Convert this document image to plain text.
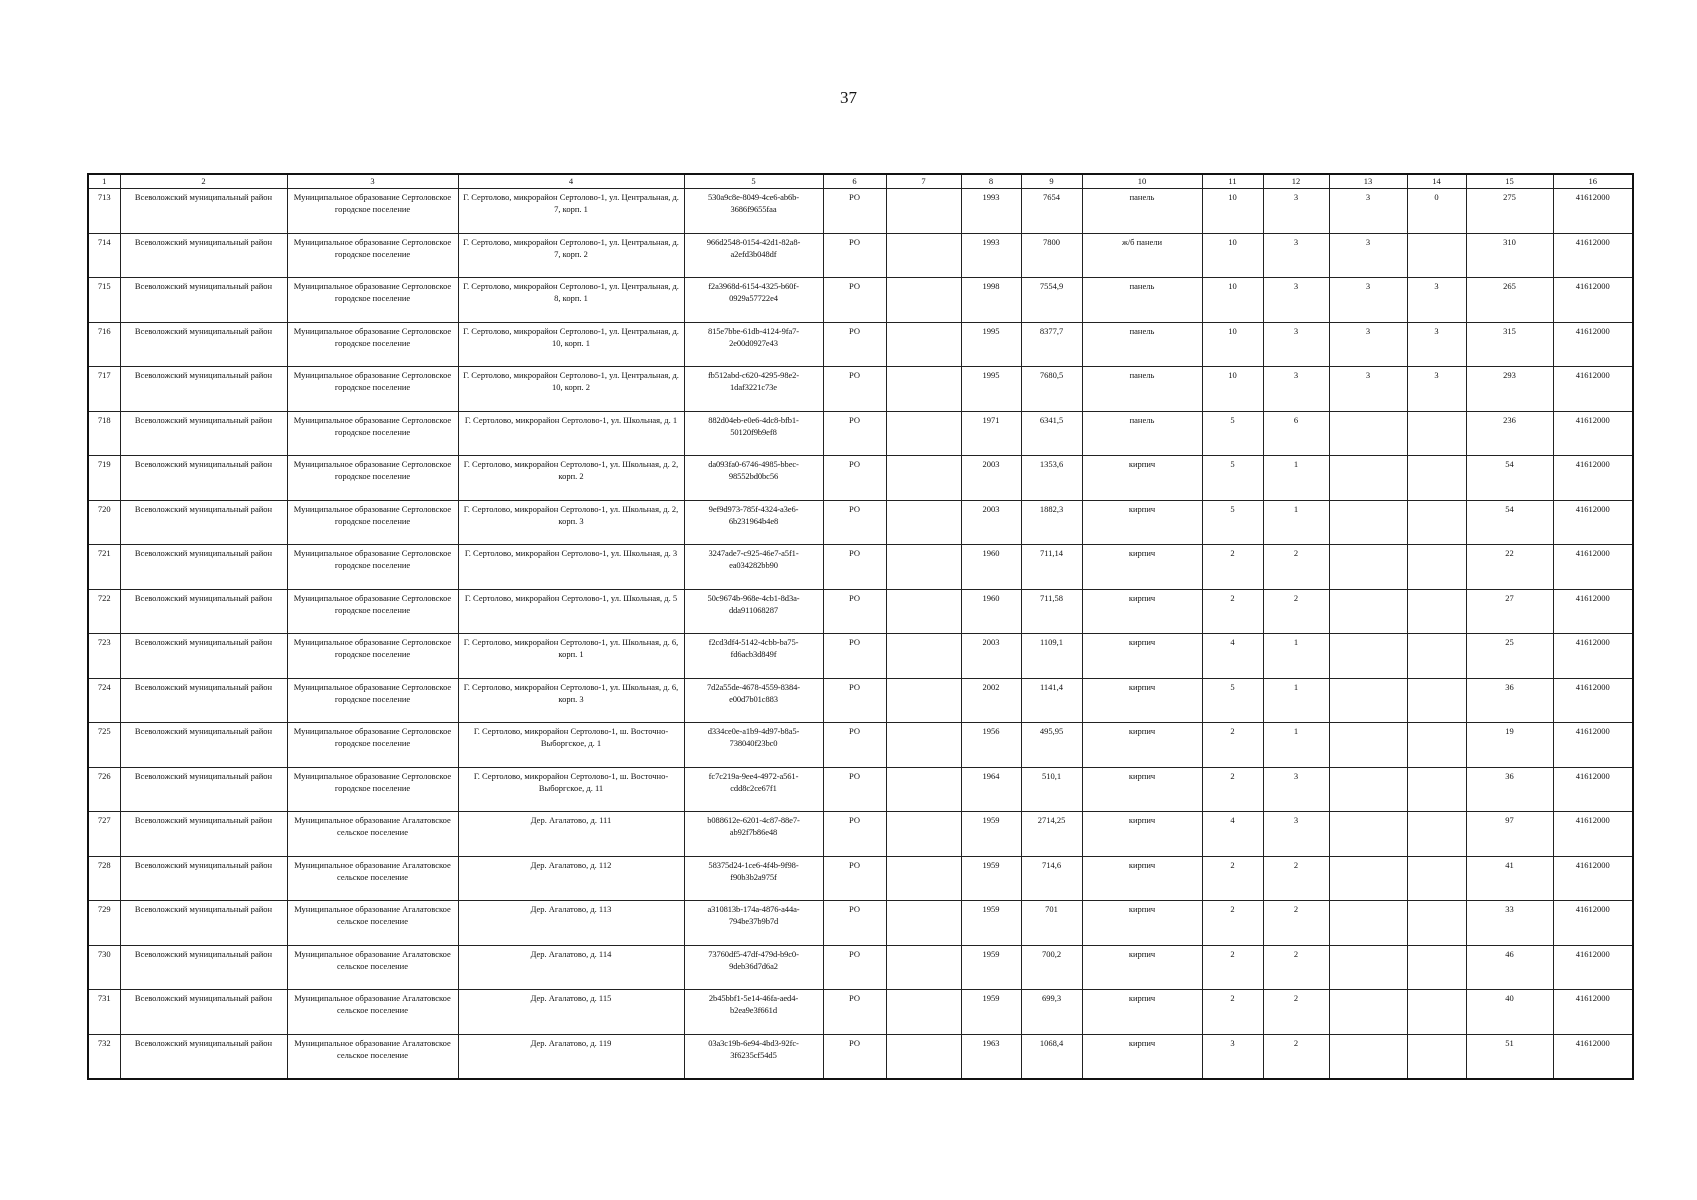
37
1	2	3	4	5	6	7	8	9	10	11	12	13	14	15	16
713	Всеволожский муниципальный район	Муниципальное образование Сертоловское городское поселение	Г. Сертолово, микрорайон Сертолово-1, ул. Центральная, д. 7, корп. 1	530a9c8e-8049-4ce6-ab6b-3686f9655faa	РО		1993	7654	панель	10	3	3	0	275	41612000
714	Всеволожский муниципальный район	Муниципальное образование Сертоловское городское поселение	Г. Сертолово, микрорайон Сертолово-1, ул. Центральная, д. 7, корп. 2	966d2548-0154-42d1-82a8-a2efd3b048df	РО		1993	7800	ж/б панели	10	3	3		310	41612000
715	Всеволожский муниципальный район	Муниципальное образование Сертоловское городское поселение	Г. Сертолово, микрорайон Сертолово-1, ул. Центральная, д. 8, корп. 1	f2a3968d-6154-4325-b60f-0929a57722e4	РО		1998	7554,9	панель	10	3	3	3	265	41612000
716	Всеволожский муниципальный район	Муниципальное образование Сертоловское городское поселение	Г. Сертолово, микрорайон Сертолово-1, ул. Центральная, д. 10, корп. 1	815e7bbe-61db-4124-9fa7-2e00d0927e43	РО		1995	8377,7	панель	10	3	3	3	315	41612000
717	Всеволожский муниципальный район	Муниципальное образование Сертоловское городское поселение	Г. Сертолово, микрорайон Сертолово-1, ул. Центральная, д. 10, корп. 2	fb512abd-c620-4295-98e2-1daf3221c73e	РО		1995	7680,5	панель	10	3	3	3	293	41612000
718	Всеволожский муниципальный район	Муниципальное образование Сертоловское городское поселение	Г. Сертолово, микрорайон Сертолово-1, ул. Школьная, д. 1	882d04eb-e0e6-4dc8-bfb1-50120f9b9ef8	РО		1971	6341,5	панель	5	6			236	41612000
719	Всеволожский муниципальный район	Муниципальное образование Сертоловское городское поселение	Г. Сертолово, микрорайон Сертолово-1, ул. Школьная, д. 2, корп. 2	da093fa0-6746-4985-bbec-98552bd0bc56	РО		2003	1353,6	кирпич	5	1			54	41612000
720	Всеволожский муниципальный район	Муниципальное образование Сертоловское городское поселение	Г. Сертолово, микрорайон Сертолово-1, ул. Школьная, д. 2, корп. 3	9ef9d973-785f-4324-a3e6-6b231964b4e8	РО		2003	1882,3	кирпич	5	1			54	41612000
721	Всеволожский муниципальный район	Муниципальное образование Сертоловское городское поселение	Г. Сертолово, микрорайон Сертолово-1, ул. Школьная, д. 3	3247ade7-c925-46e7-a5f1-ea034282bb90	РО		1960	711,14	кирпич	2	2			22	41612000
722	Всеволожский муниципальный район	Муниципальное образование Сертоловское городское поселение	Г. Сертолово, микрорайон Сертолово-1, ул. Школьная, д. 5	50c9674b-968e-4cb1-8d3a-dda911068287	РО		1960	711,58	кирпич	2	2			27	41612000
723	Всеволожский муниципальный район	Муниципальное образование Сертоловское городское поселение	Г. Сертолово, микрорайон Сертолово-1, ул. Школьная, д. 6, корп. 1	f2cd3df4-5142-4cbb-ba75-fd6acb3d849f	РО		2003	1109,1	кирпич	4	1			25	41612000
724	Всеволожский муниципальный район	Муниципальное образование Сертоловское городское поселение	Г. Сертолово, микрорайон Сертолово-1, ул. Школьная, д. 6, корп. 3	7d2a55de-4678-4559-8384-e00d7b01c883	РО		2002	1141,4	кирпич	5	1			36	41612000
725	Всеволожский муниципальный район	Муниципальное образование Сертоловское городское поселение	Г. Сертолово, микрорайон Сертолово-1, ш. Восточно-Выборгское, д. 1	d334ce0e-a1b9-4d97-b8a5-738040f23bc0	РО		1956	495,95	кирпич	2	1			19	41612000
726	Всеволожский муниципальный район	Муниципальное образование Сертоловское городское поселение	Г. Сертолово, микрорайон Сертолово-1, ш. Восточно-Выборгское, д. 11	fc7c219a-9ee4-4972-a561-cdd8c2ce67f1	РО		1964	510,1	кирпич	2	3			36	41612000
727	Всеволожский муниципальный район	Муниципальное образование Агалатовское сельское поселение	Дер. Агалатово, д. 111	b088612e-6201-4c87-88e7-ab92f7b86e48	РО		1959	2714,25	кирпич	4	3			97	41612000
728	Всеволожский муниципальный район	Муниципальное образование Агалатовское сельское поселение	Дер. Агалатово, д. 112	58375d24-1ce6-4f4b-9f98-f90b3b2a975f	РО		1959	714,6	кирпич	2	2			41	41612000
729	Всеволожский муниципальный район	Муниципальное образование Агалатовское сельское поселение	Дер. Агалатово, д. 113	a310813b-174a-4876-a44a-794be37b9b7d	РО		1959	701	кирпич	2	2			33	41612000
730	Всеволожский муниципальный район	Муниципальное образование Агалатовское сельское поселение	Дер. Агалатово, д. 114	73760df5-47df-479d-b9c0-9deb36d7d6a2	РО		1959	700,2	кирпич	2	2			46	41612000
731	Всеволожский муниципальный район	Муниципальное образование Агалатовское сельское поселение	Дер. Агалатово, д. 115	2b45bbf1-5e14-46fa-aed4-b2ea9e3f661d	РО		1959	699,3	кирпич	2	2			40	41612000
732	Всеволожский муниципальный район	Муниципальное образование Агалатовское сельское поселение	Дер. Агалатово, д. 119	03a3c19b-6e94-4bd3-92fc-3f6235cf54d5	РО		1963	1068,4	кирпич	3	2			51	41612000
